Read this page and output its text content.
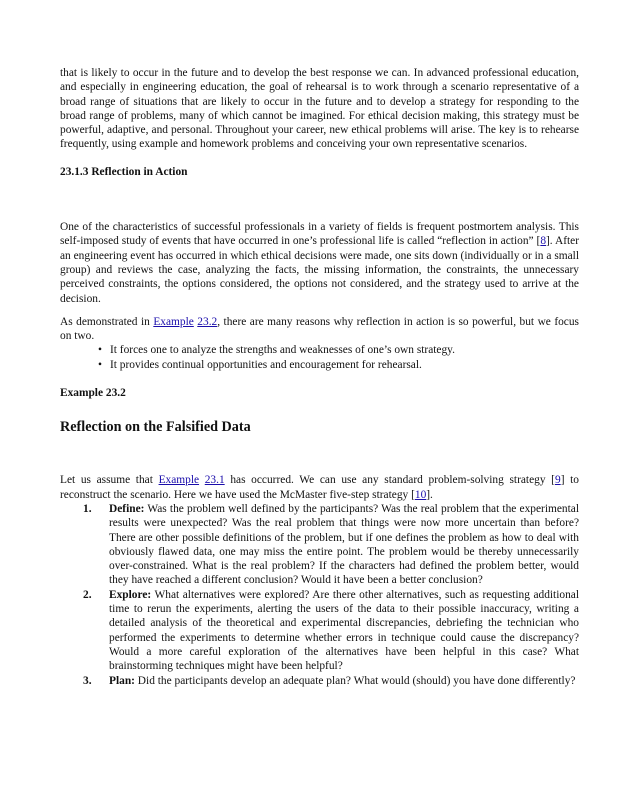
that is likely to occur in the future and to develop the best response we can. In advanced professional education, and especially in engineering education, the goal of rehearsal is to work through a scenario representative of a broad range of situations that are likely to occur in the future and to develop a strategy for responding to the broad range of problems, many of which cannot be imagined. For ethical decision making, this strategy must be powerful, adaptive, and personal. Throughout your career, new ethical problems will arise. The key is to rehearse frequently, using example and homework problems and conceiving your own representative scenarios.

23.1.3 Reflection in Action

One of the characteristics of successful professionals in a variety of fields is frequent postmortem analysis. This self-imposed study of events that have occurred in one’s professional life is called “reflection in action” [8]. After an engineering event has occurred in which ethical decisions were made, one sits down (individually or in a small group) and reviews the case, analyzing the facts, the missing information, the constraints, the unnecessary perceived constraints, the options considered, the options not considered, and the strategy used to arrive at the decision.

As demonstrated in Example 23.2, there are many reasons why reflection in action is so powerful, but we focus on two.

• It forces one to analyze the strengths and weaknesses of one’s own strategy.
• It provides continual opportunities and encouragement for rehearsal.

Example 23.2

Reflection on the Falsified Data

Let us assume that Example 23.1 has occurred. We can use any standard problem-solving strategy [9] to reconstruct the scenario. Here we have used the McMaster five-step strategy [10].

1. Define: Was the problem well defined by the participants? Was the real problem that the experimental results were unexpected? Was the real problem that things were now more uncertain than before? There are other possible definitions of the problem, but if one defines the problem as how to deal with obviously flawed data, one may miss the entire point. The problem would be thereby unnecessarily over-constrained. What is the real problem? If the characters had defined the problem better, would they have reached a different conclusion? Would it have been a better conclusion?
2. Explore: What alternatives were explored? Are there other alternatives, such as requesting additional time to rerun the experiments, alerting the users of the data to their possible inaccuracy, writing a detailed analysis of the theoretical and experimental discrepancies, debriefing the technician who performed the experiments to determine whether errors in technique could cause the discrepancy? Would a more careful exploration of the alternatives have been helpful in this case? What brainstorming techniques might have been helpful?
3. Plan: Did the participants develop an adequate plan? What would (should) you have done differently?
